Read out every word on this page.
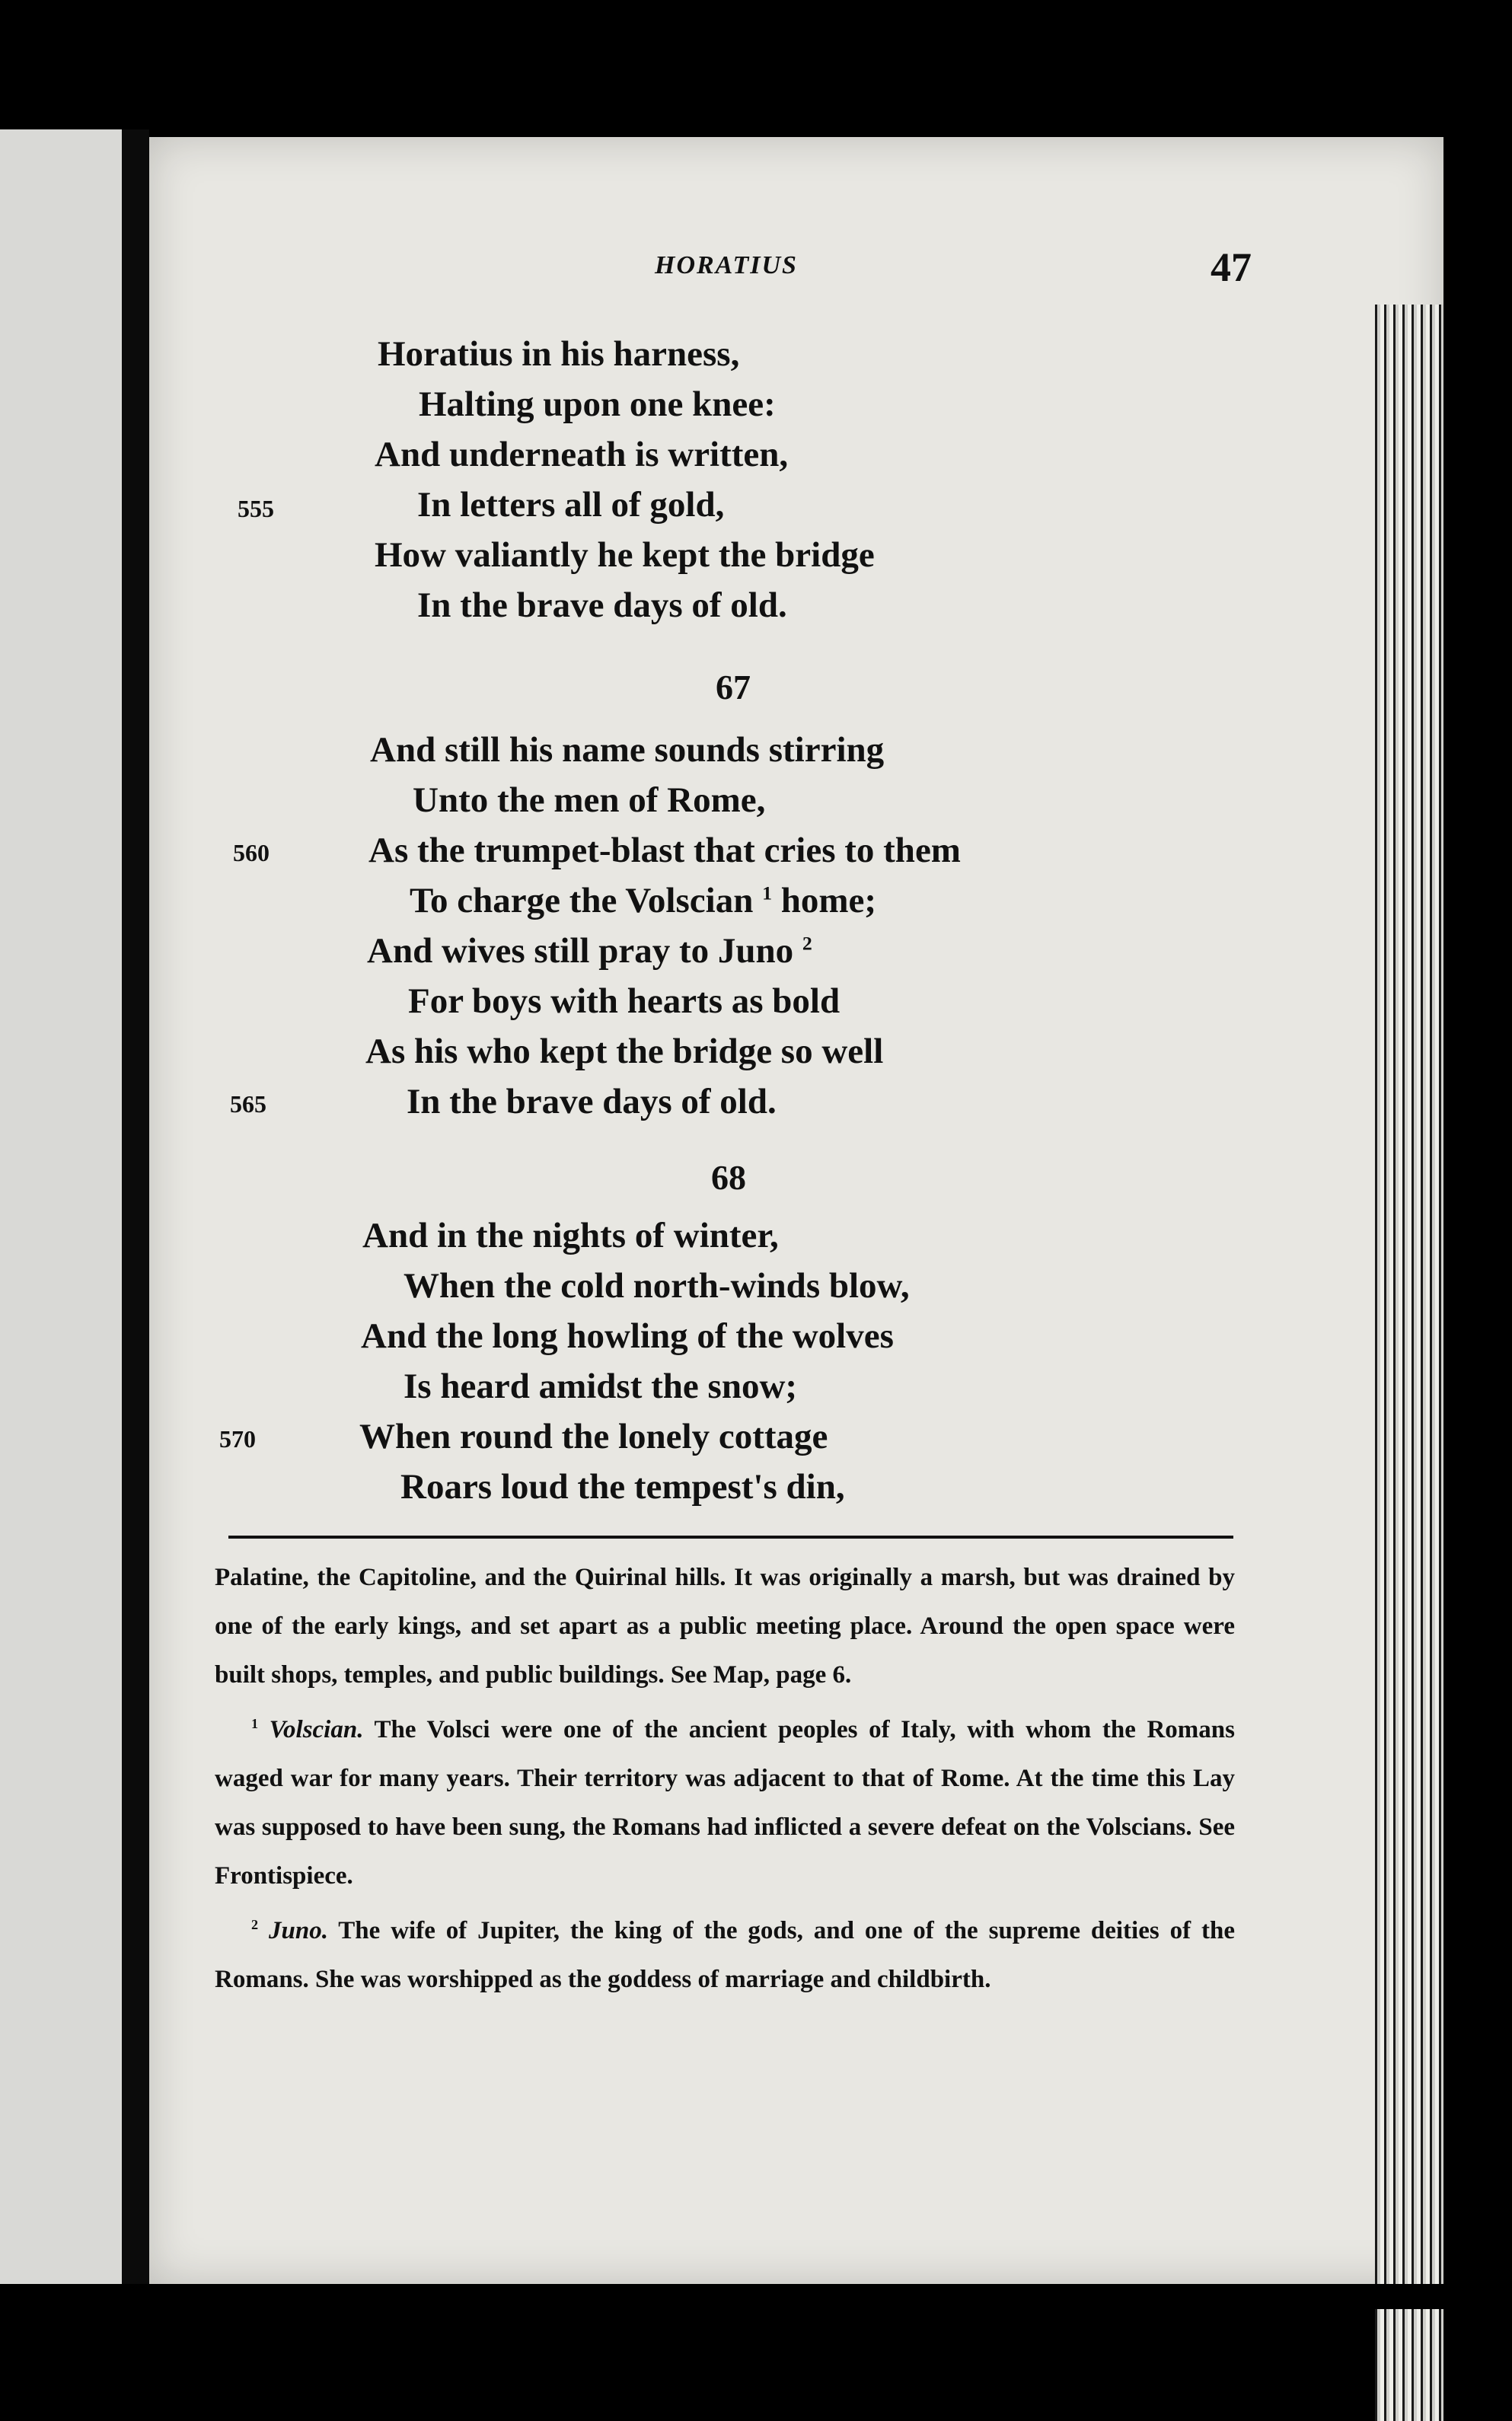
HORATIUS	47
Horatius in his harness,
Halting upon one knee:
And underneath is written,
555	In letters all of gold,
How valiantly he kept the bridge
In the brave days of old.
67
And still his name sounds stirring
Unto the men of Rome,
560	As the trumpet-blast that cries to them
To charge the Volscian $^1$ home;
And wives still pray to Juno $^2$
For boys with hearts as bold
As his who kept the bridge so well
565	In the brave days of old.
68
And in the nights of winter,
When the cold north-winds blow,
And the long howling of the wolves
Is heard amidst the snow;
570	When round the lonely cottage
Roars loud the tempest's din,

Palatine, the Capitoline, and the Quirinal hills. It was originally a marsh, but was drained by one of the early kings, and set apart as a public meeting place. Around the open space were built shops, temples, and public buildings. See Map, page 6.

$^1$ Volscian. The Volsci were one of the ancient peoples of Italy, with whom the Romans waged war for many years. Their territory was adjacent to that of Rome. At the time this Lay was supposed to have been sung, the Romans had inflicted a severe defeat on the Volscians. See Frontispiece.

$^2$ Juno. The wife of Jupiter, the king of the gods, and one of the supreme deities of the Romans. She was worshipped as the goddess of marriage and childbirth.
